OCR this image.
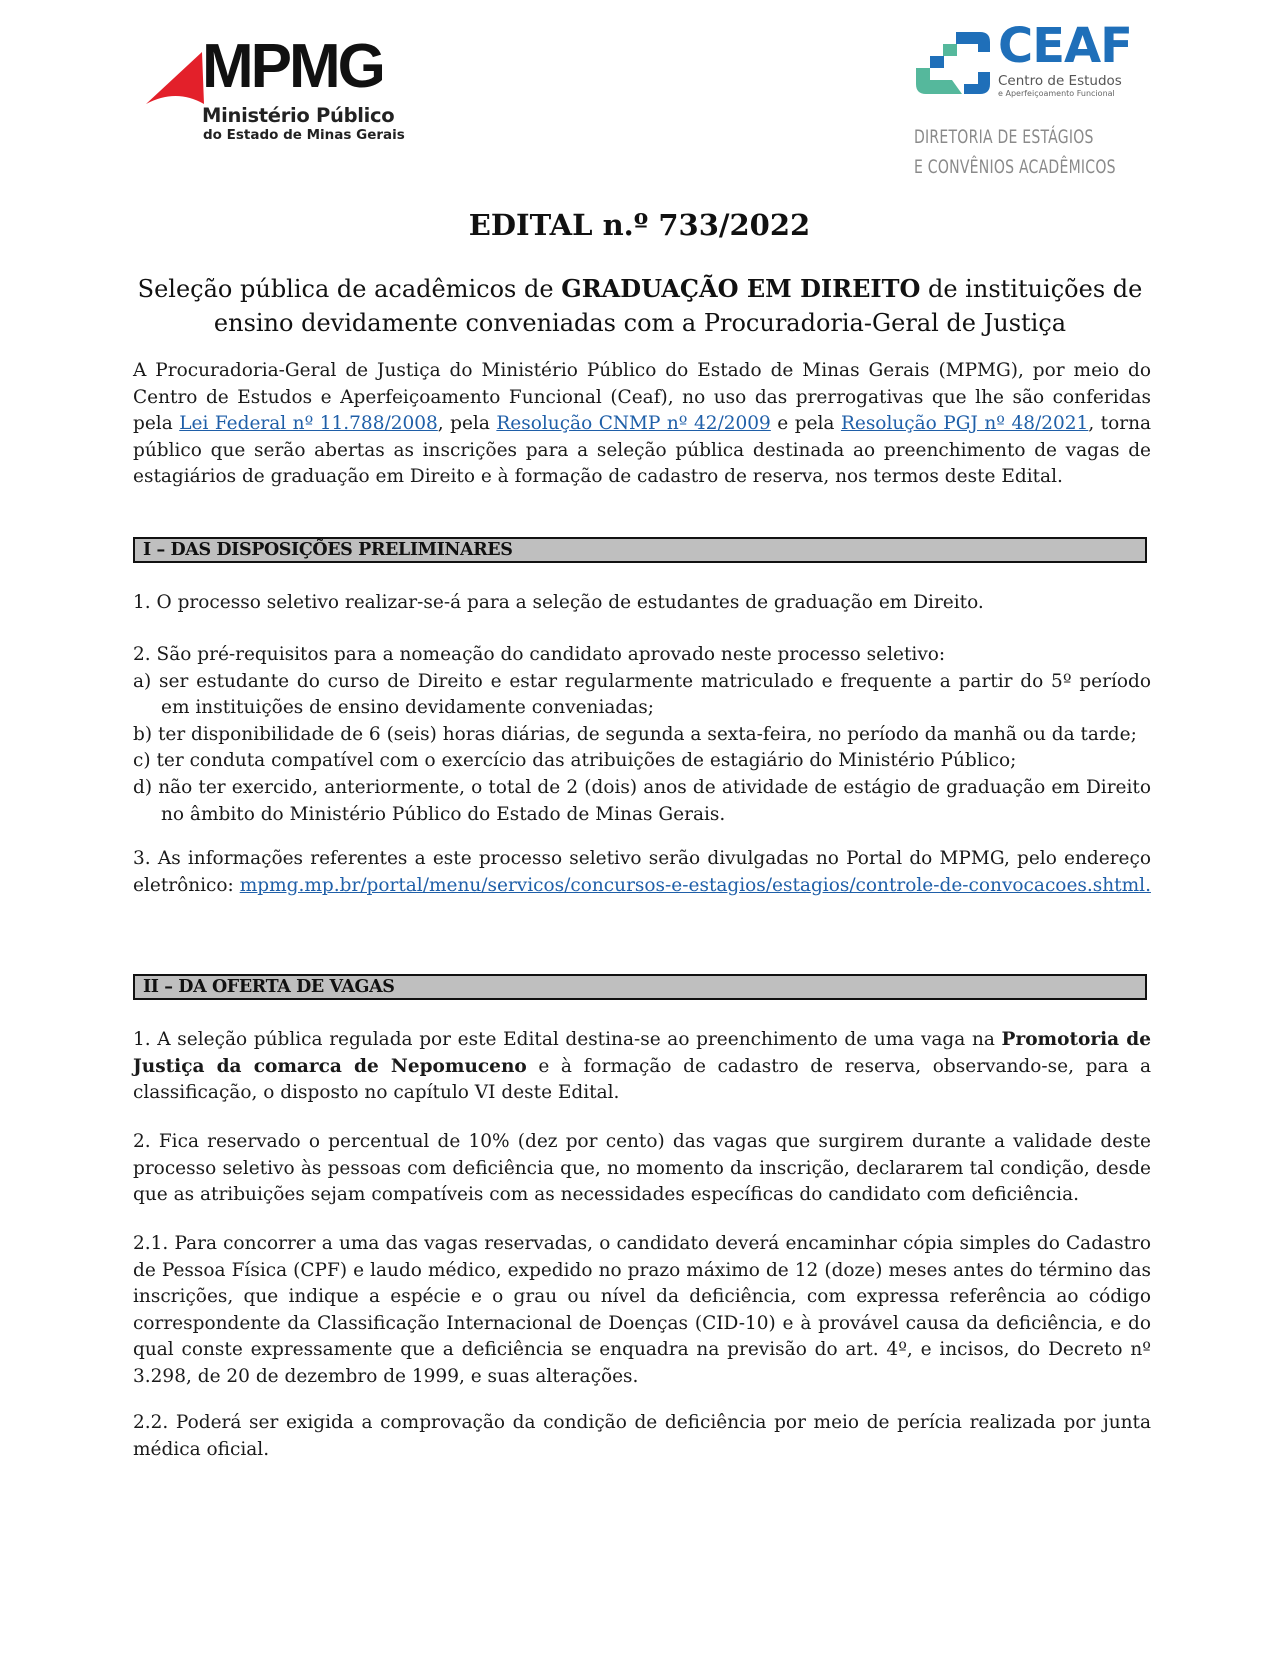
MPMG
Ministério Público
do Estado de Minas Gerais
CEAF
Centro de Estudos
e Aperfeiçoamento Funcional
DIRETORIA DE ESTÁGIOS
E CONVÊNIOS ACADÊMICOS
EDITAL n.º 733/2022
Seleção pública de acadêmicos de GRADUAÇÃO EM DIREITO de instituições de ensino devidamente conveniadas com a Procuradoria-Geral de Justiça
A Procuradoria-Geral de Justiça do Ministério Público do Estado de Minas Gerais (MPMG), por meio do Centro de Estudos e Aperfeiçoamento Funcional (Ceaf), no uso das prerrogativas que lhe são conferidas pela Lei Federal nº 11.788/2008, pela Resolução CNMP nº 42/2009 e pela Resolução PGJ nº 48/2021, torna público que serão abertas as inscrições para a seleção pública destinada ao preenchimento de vagas de estagiários de graduação em Direito e à formação de cadastro de reserva, nos termos deste Edital.
I – DAS DISPOSIÇÕES PRELIMINARES
1. O processo seletivo realizar-se-á para a seleção de estudantes de graduação em Direito.
2. São pré-requisitos para a nomeação do candidato aprovado neste processo seletivo:
a) ser estudante do curso de Direito e estar regularmente matriculado e frequente a partir do 5º período em instituições de ensino devidamente conveniadas;
b) ter disponibilidade de 6 (seis) horas diárias, de segunda a sexta-feira, no período da manhã ou da tarde;
c) ter conduta compatível com o exercício das atribuições de estagiário do Ministério Público;
d) não ter exercido, anteriormente, o total de 2 (dois) anos de atividade de estágio de graduação em Direito no âmbito do Ministério Público do Estado de Minas Gerais.
3. As informações referentes a este processo seletivo serão divulgadas no Portal do MPMG, pelo endereço eletrônico: mpmg.mp.br/portal/menu/servicos/concursos-e-estagios/estagios/controle-de-convocacoes.shtml.
II – DA OFERTA DE VAGAS
1. A seleção pública regulada por este Edital destina-se ao preenchimento de uma vaga na Promotoria de Justiça da comarca de Nepomuceno e à formação de cadastro de reserva, observando-se, para a classificação, o disposto no capítulo VI deste Edital.
2. Fica reservado o percentual de 10% (dez por cento) das vagas que surgirem durante a validade deste processo seletivo às pessoas com deficiência que, no momento da inscrição, declararem tal condição, desde que as atribuições sejam compatíveis com as necessidades específicas do candidato com deficiência.
2.1. Para concorrer a uma das vagas reservadas, o candidato deverá encaminhar cópia simples do Cadastro de Pessoa Física (CPF) e laudo médico, expedido no prazo máximo de 12 (doze) meses antes do término das inscrições, que indique a espécie e o grau ou nível da deficiência, com expressa referência ao código correspondente da Classificação Internacional de Doenças (CID-10) e à provável causa da deficiência, e do qual conste expressamente que a deficiência se enquadra na previsão do art. 4º, e incisos, do Decreto nº 3.298, de 20 de dezembro de 1999, e suas alterações.
2.2. Poderá ser exigida a comprovação da condição de deficiência por meio de perícia realizada por junta médica oficial.
